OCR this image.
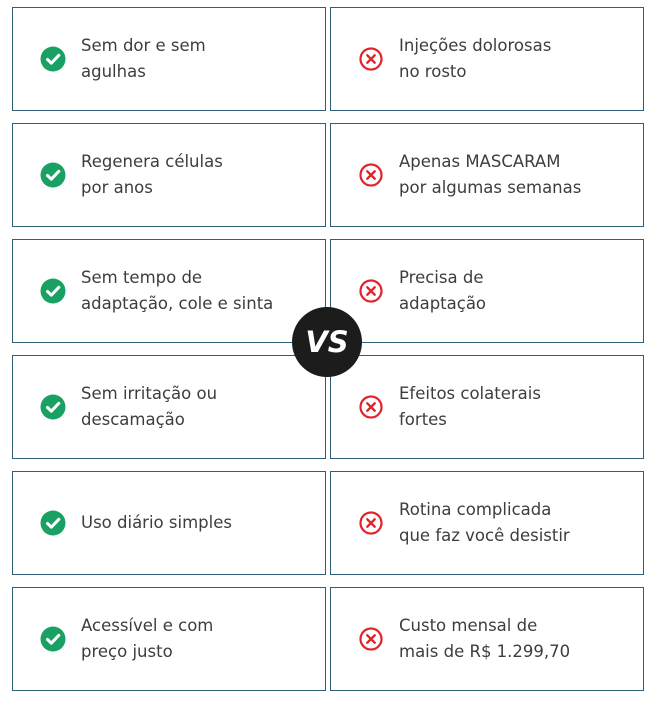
Sem dor e sem
agulhas
Injeções dolorosas
no rosto
Regenera células
por anos
Apenas MASCARAM
por algumas semanas
Sem tempo de
adaptação, cole e sinta
Precisa de
adaptação
Sem irritação ou
descamação
Efeitos colaterais
fortes
Uso diário simples
Rotina complicada
que faz você desistir
Acessível e com
preço justo
Custo mensal de
mais de R$ 1.299,70
VS
